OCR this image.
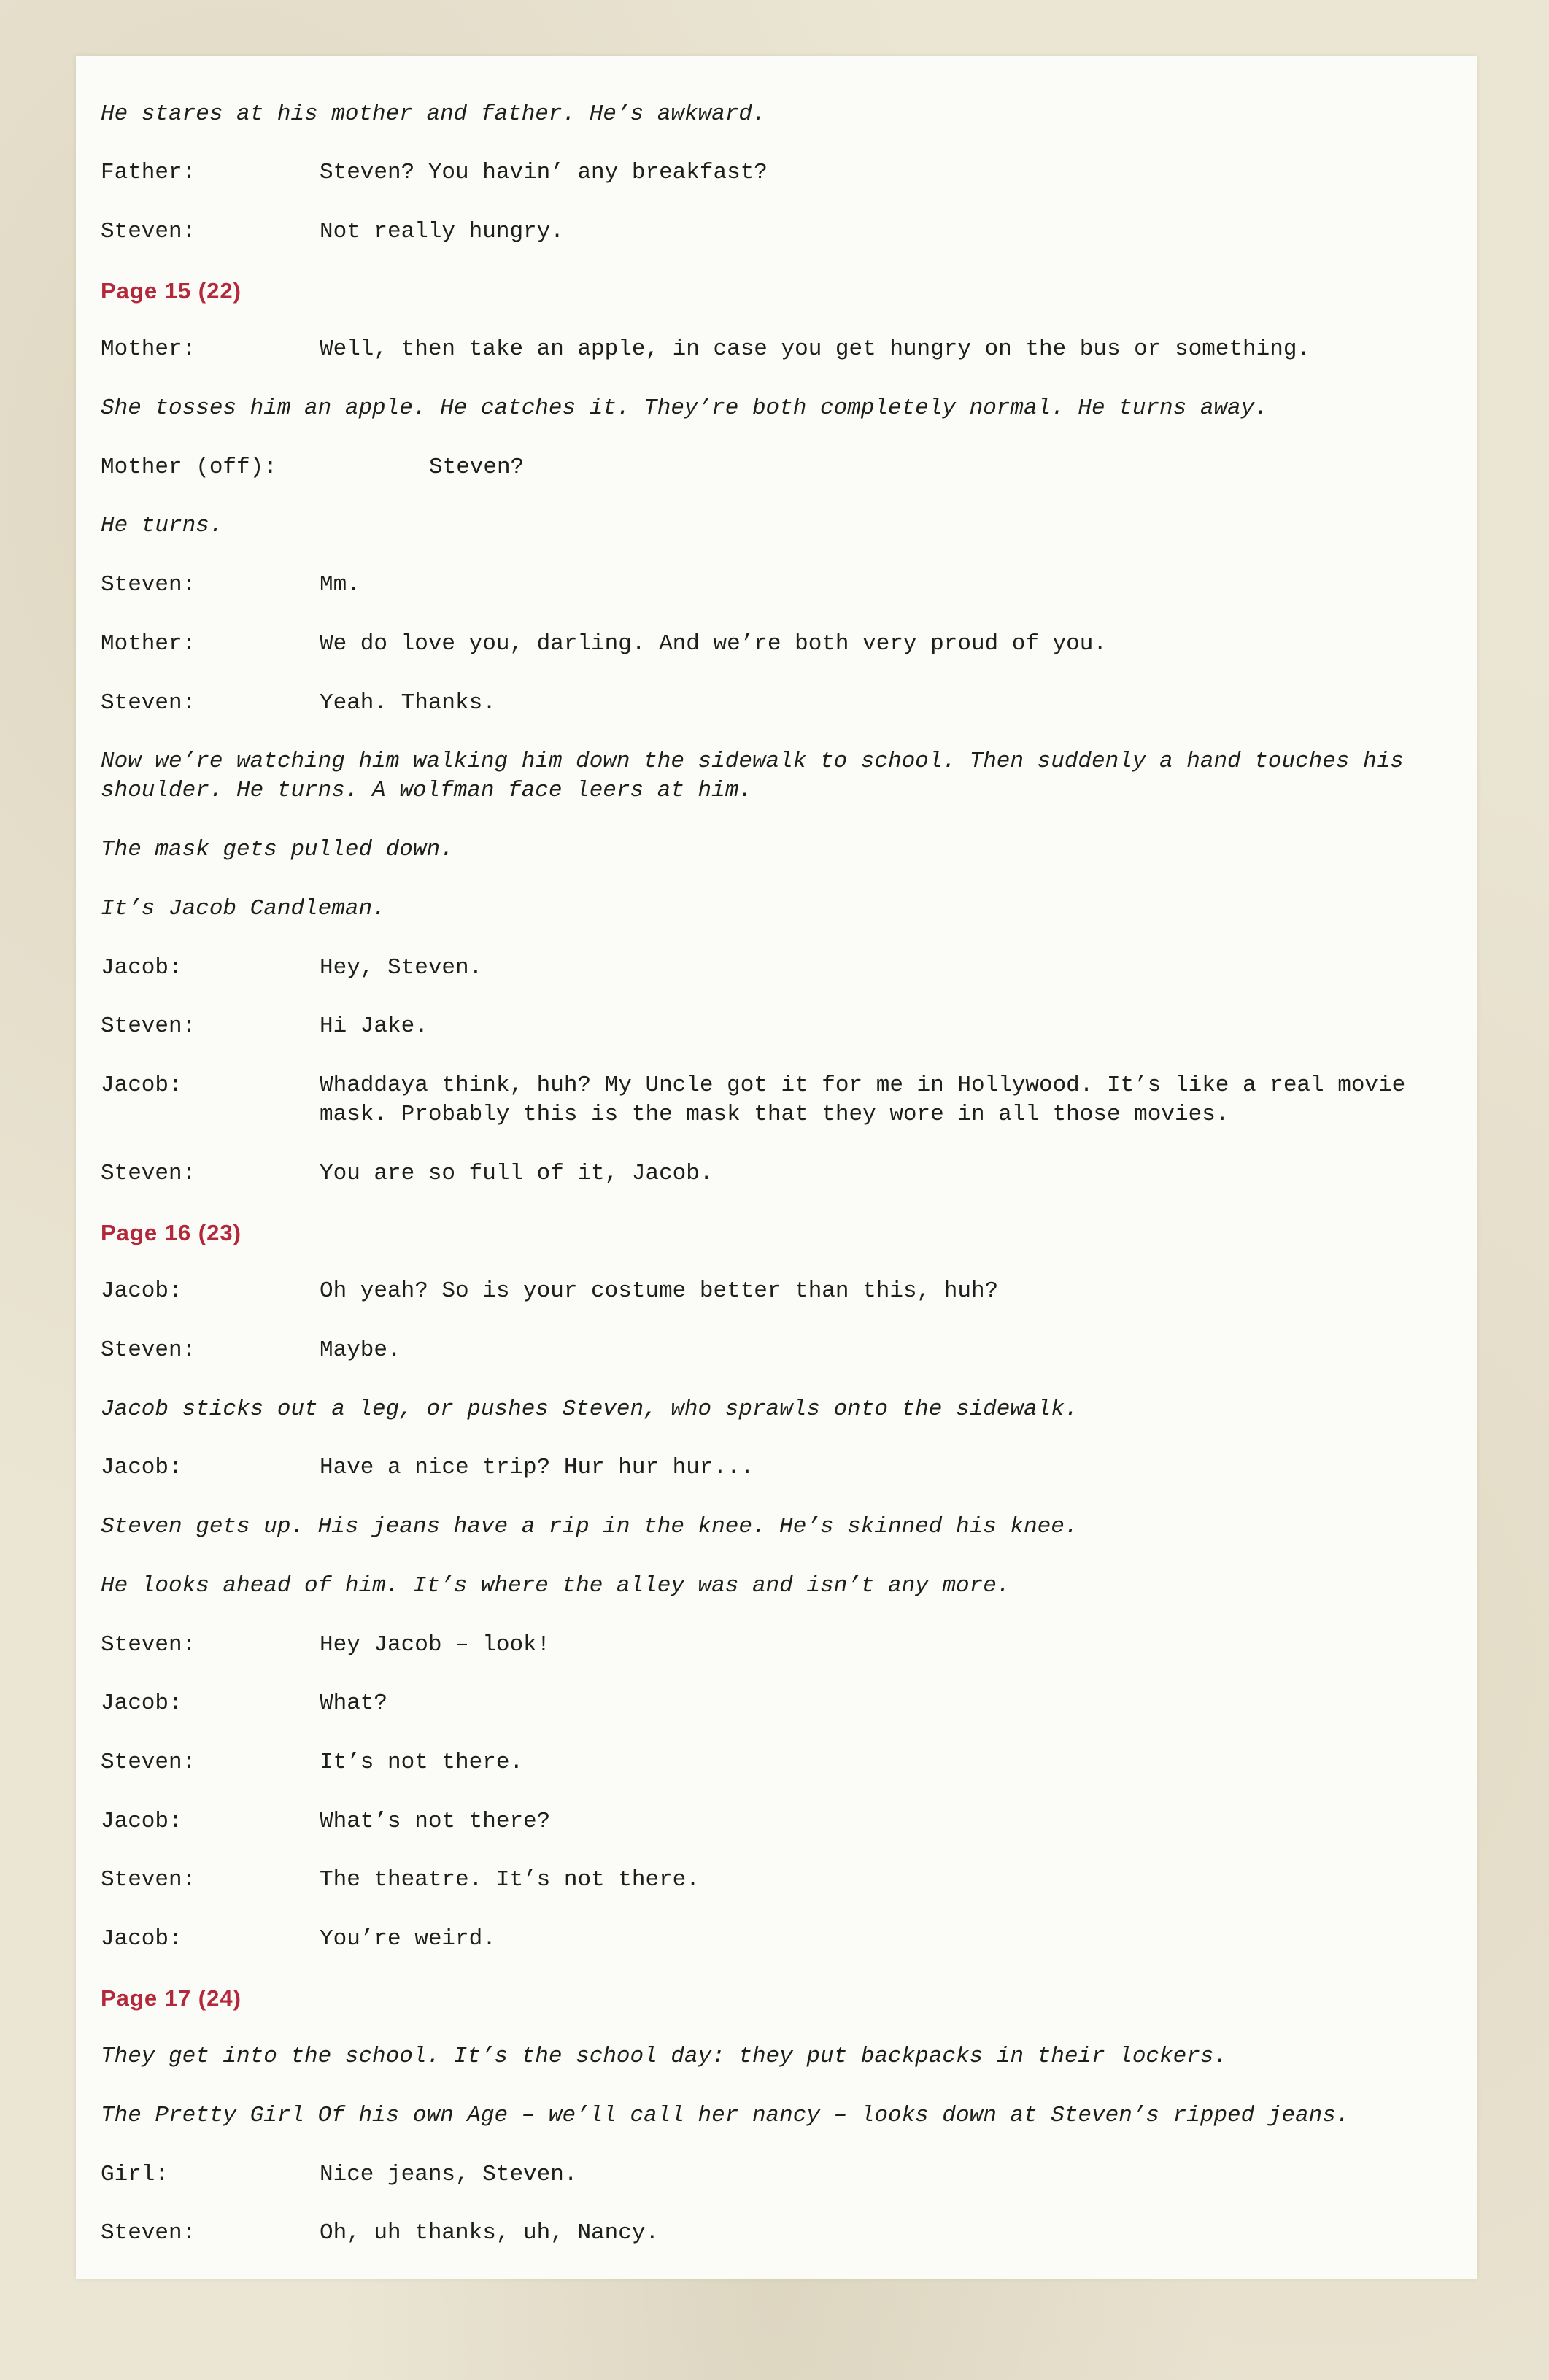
He stares at his mother and father. He’s awkward.

Father:

	Steven? You havin’ any breakfast?

Steven:

	Not really hungry.

Page 15 (22)

Mother:

	Well, then take an apple, in case you get hungry on the bus or something.

She tosses him an apple. He catches it. They’re both completely normal. He turns away.

Mother (off):

	Steven?

He turns.

Steven:

	Mm.

Mother:

	We do love you, darling. And we’re both very proud of you.

Steven:

	Yeah. Thanks.

Now we’re watching him walking him down the sidewalk to school. Then suddenly a hand touches his shoulder. He turns. A wolfman face leers at him.
The mask gets pulled down.
It’s Jacob Candleman.

Jacob:

	Hey, Steven.

Steven:

	Hi Jake.

Jacob:

	Whaddaya think, huh? My Uncle got it for me in Hollywood. It’s like a real movie mask. Probably this is the mask that they wore in all those movies.

Steven:

	You are so full of it, Jacob.

Page 16 (23)

Jacob:

	Oh yeah? So is your costume better than this, huh?

Steven:

	Maybe.

Jacob sticks out a leg, or pushes Steven, who sprawls onto the sidewalk.

Jacob:

	Have a nice trip? Hur hur hur...

Steven gets up. His jeans have a rip in the knee. He’s skinned his knee.
He looks ahead of him. It’s where the alley was and isn’t any more.

Steven:

	Hey Jacob – look!

Jacob:

	What?

Steven:

	It’s not there.

Jacob:

	What’s not there?

Steven:

	The theatre. It’s not there.

Jacob:

	You’re weird.

Page 17 (24)
They get into the school. It’s the school day: they put backpacks in their lockers.
The Pretty Girl Of his own Age – we’ll call her nancy – looks down at Steven’s ripped jeans.

Girl:

	Nice jeans, Steven.

Steven:

	Oh, uh thanks, uh, Nancy.
